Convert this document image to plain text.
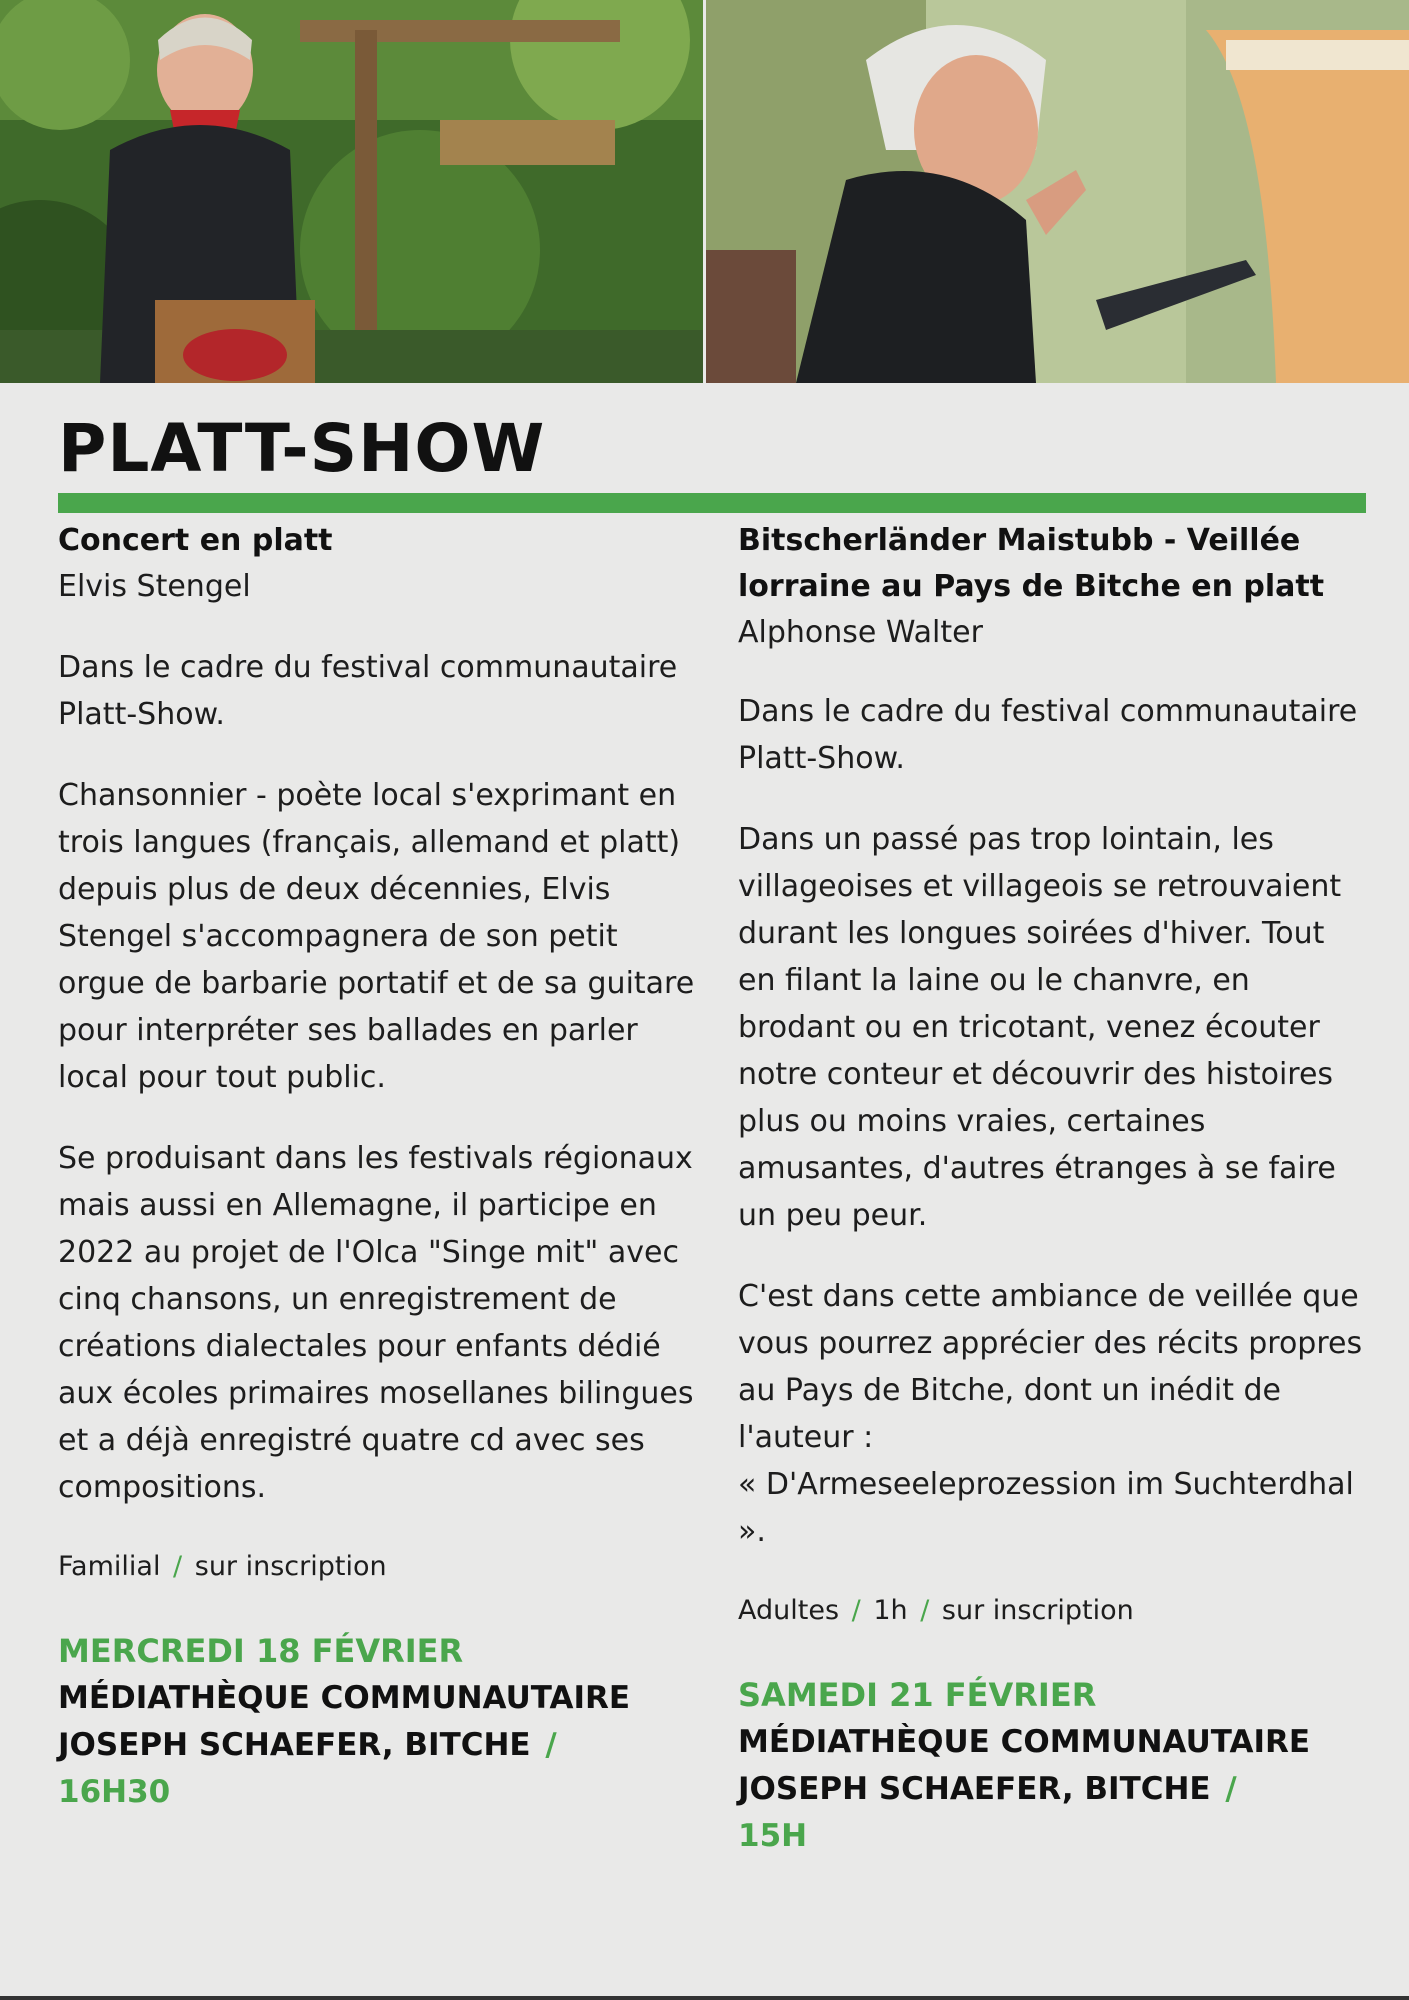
PLATT-SHOW

Concert en platt

Elvis Stengel

Dans le cadre du festival communautaire Platt-Show.

Chansonnier - poète local s'exprimant en trois langues (français, allemand et platt) depuis plus de deux décennies, Elvis Stengel s'accompagnera de son petit orgue de barbarie portatif et de sa guitare pour interpréter ses ballades en parler local pour tout public.

Se produisant dans les festivals régionaux mais aussi en Allemagne, il participe en 2022 au projet de l'Olca "Singe mit" avec cinq chansons, un enregistrement de créations dialectales pour enfants dédié aux écoles primaires mosellanes bilingues et a déjà enregistré quatre cd avec ses compositions.

Familial / sur inscription
MERCREDI 18 FÉVRIER

MÉDIATHÈQUE COMMUNAUTAIRE

JOSEPH SCHAEFER, BITCHE /

16H30

Bitscherländer Maistubb - Veillée lorraine au Pays de Bitche en platt

Alphonse Walter

Dans le cadre du festival communautaire Platt-Show.

Dans un passé pas trop lointain, les villageoises et villageois se retrouvaient durant les longues soirées d'hiver. Tout en filant la laine ou le chanvre, en brodant ou en tricotant, venez écouter notre conteur et découvrir des histoires plus ou moins vraies, certaines amusantes, d'autres étranges à se faire un peu peur.

C'est dans cette ambiance de veillée que vous pourrez apprécier des récits propres au Pays de Bitche, dont un inédit de l'auteur :
« D'Armeseeleprozession im Suchterdhal ».

Adultes / 1h / sur inscription
SAMEDI 21 FÉVRIER

MÉDIATHÈQUE COMMUNAUTAIRE

JOSEPH SCHAEFER, BITCHE /

15H
